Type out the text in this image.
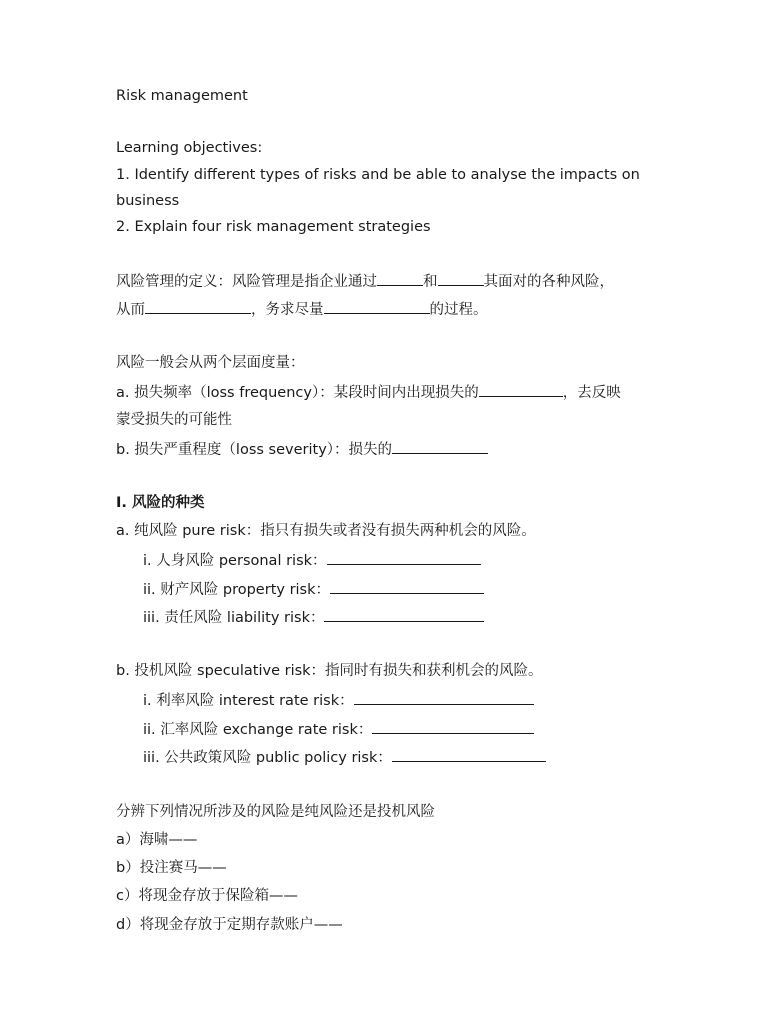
Risk management
Learning objectives:
1. Identify different types of risks and be able to analyse the impacts on
business
2. Explain four risk management strategies
风险管理的定义：风险管理是指企业通过	和	其面对的各种风险，
从而	，务求尽量	的过程。
风险一般会从两个层面度量：
a. 损失频率（loss frequency）：某段时间内出现损失的	，去反映
蒙受损失的可能性
b. 损失严重程度（loss severity）：损失的
I. 风险的种类
a. 纯风险 pure risk：指只有损失或者没有损失两种机会的风险。
i. 人身风险 personal risk：
ii. 财产风险 property risk：
iii. 责任风险 liability risk：
b. 投机风险 speculative risk：指同时有损失和获利机会的风险。
i. 利率风险 interest rate risk：
ii. 汇率风险 exchange rate risk：
iii. 公共政策风险 public policy risk：
分辨下列情况所涉及的风险是纯风险还是投机风险
a）海啸——
b）投注赛马——
c）将现金存放于保险箱——
d）将现金存放于定期存款账户——
